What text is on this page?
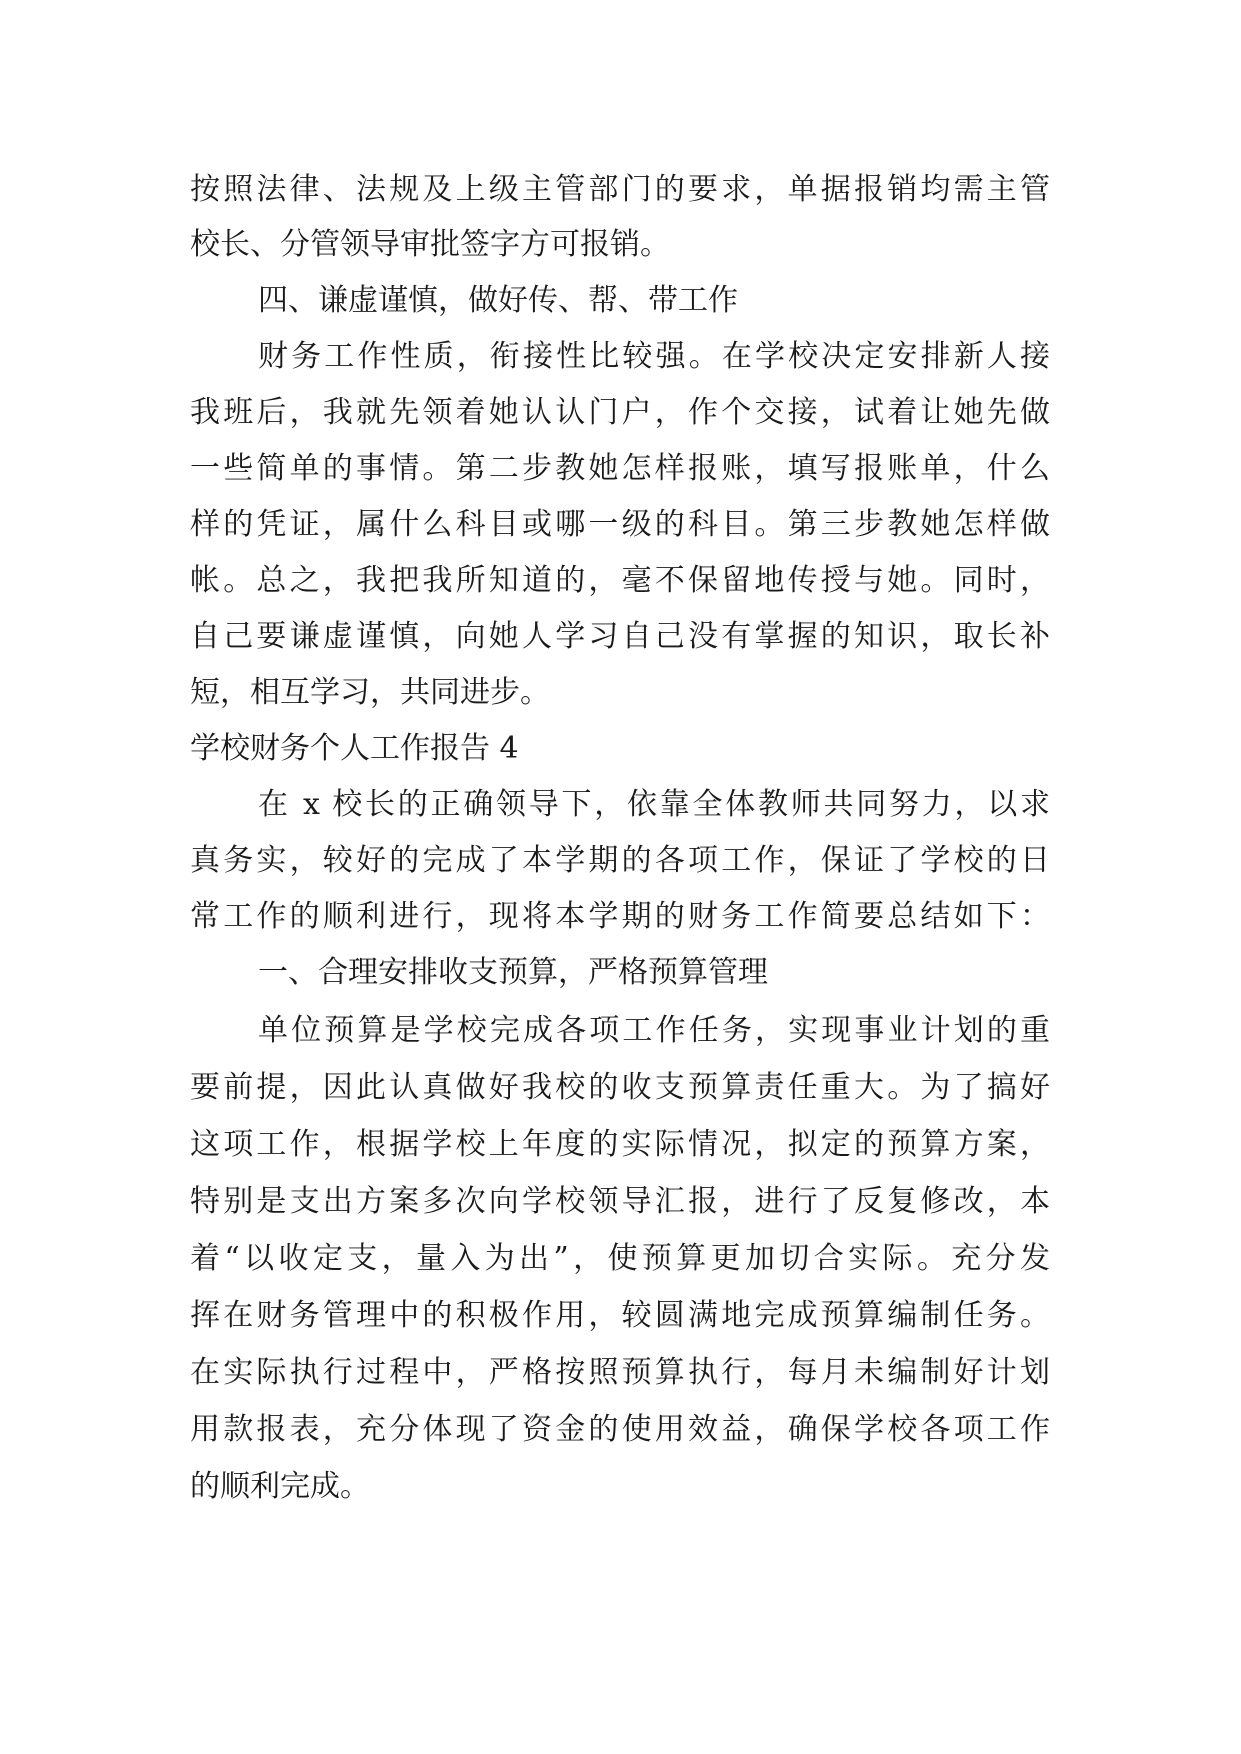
按照法律、法规及上级主管部门的要求，单据报销均需主管
校长、分管领导审批签字方可报销。
四、谦虚谨慎，做好传、帮、带工作
财务工作性质，衔接性比较强。在学校决定安排新人接
我班后，我就先领着她认认门户，作个交接，试着让她先做
一些简单的事情。第二步教她怎样报账，填写报账单，什么
样的凭证，属什么科目或哪一级的科目。第三步教她怎样做
帐。总之，我把我所知道的，毫不保留地传授与她。同时，
自己要谦虚谨慎，向她人学习自己没有掌握的知识，取长补
短，相互学习，共同进步。
学校财务个人工作报告 4
在 x 校长的正确领导下，依靠全体教师共同努力，以求
真务实，较好的完成了本学期的各项工作，保证了学校的日
常工作的顺利进行，现将本学期的财务工作简要总结如下：
一、合理安排收支预算，严格预算管理
单位预算是学校完成各项工作任务，实现事业计划的重
要前提，因此认真做好我校的收支预算责任重大。为了搞好
这项工作，根据学校上年度的实际情况，拟定的预算方案，
特别是支出方案多次向学校领导汇报，进行了反复修改，本
着“以收定支，量入为出”，使预算更加切合实际。充分发
挥在财务管理中的积极作用，较圆满地完成预算编制任务。
在实际执行过程中，严格按照预算执行，每月未编制好计划
用款报表，充分体现了资金的使用效益，确保学校各项工作
的顺利完成。
